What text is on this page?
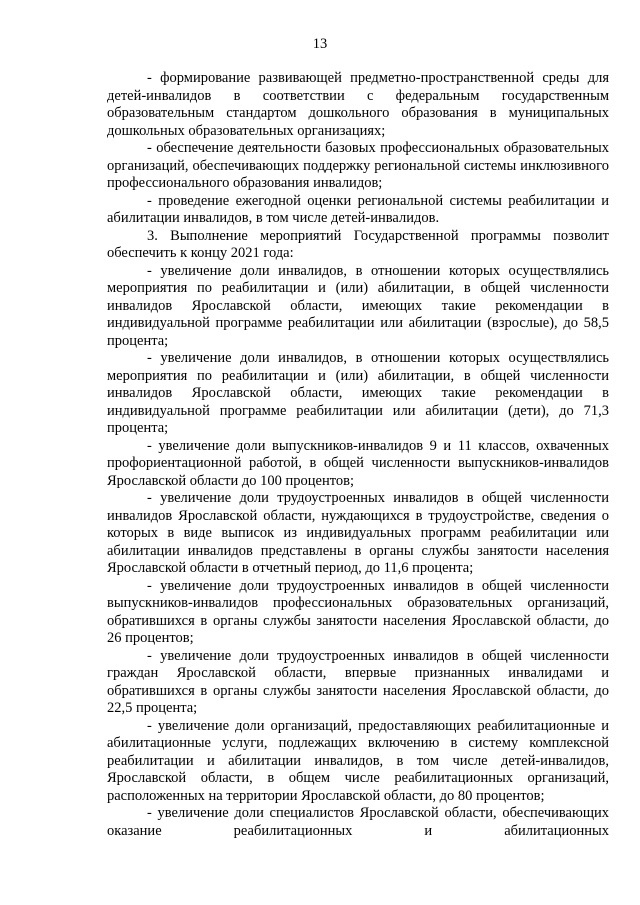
13

- формирование развивающей предметно-пространственной среды для детей-инвалидов в соответствии с федеральным государственным образовательным стандартом дошкольного образования в муниципальных дошкольных образовательных организациях;

- обеспечение деятельности базовых профессиональных образовательных организаций, обеспечивающих поддержку региональной системы инклюзивного профессионального образования инвалидов;

- проведение ежегодной оценки региональной системы реабилитации и абилитации инвалидов, в том числе детей-инвалидов.

3. Выполнение мероприятий Государственной программы позволит обеспечить к концу 2021 года:

- увеличение доли инвалидов, в отношении которых осуществлялись мероприятия по реабилитации и (или) абилитации, в общей численности инвалидов Ярославской области, имеющих такие рекомендации в индивидуальной программе реабилитации или абилитации (взрослые), до 58,5 процента;

- увеличение доли инвалидов, в отношении которых осуществлялись мероприятия по реабилитации и (или) абилитации, в общей численности инвалидов Ярославской области, имеющих такие рекомендации в индивидуальной программе реабилитации или абилитации (дети), до 71,3 процента;

- увеличение доли выпускников-инвалидов 9 и 11 классов, охваченных профориентационной работой, в общей численности выпускников-инвалидов Ярославской области до 100 процентов;

- увеличение доли трудоустроенных инвалидов в общей численности инвалидов Ярославской области, нуждающихся в трудоустройстве, сведения о которых в виде выписок из индивидуальных программ реабилитации или абилитации инвалидов представлены в органы службы занятости населения Ярославской области в отчетный период, до 11,6 процента;

- увеличение доли трудоустроенных инвалидов в общей численности выпускников-инвалидов профессиональных образовательных организаций, обратившихся в органы службы занятости населения Ярославской области, до 26 процентов;

- увеличение доли трудоустроенных инвалидов в общей численности граждан Ярославской области, впервые признанных инвалидами и обратившихся в органы службы занятости населения Ярославской области, до 22,5 процента;

- увеличение доли организаций, предоставляющих реабилитационные и абилитационные услуги, подлежащих включению в систему комплексной реабилитации и абилитации инвалидов, в том числе детей-инвалидов, Ярославской области, в общем числе реабилитационных организаций, расположенных на территории Ярославской области, до 80 процентов;

- увеличение доли специалистов Ярославской области, обеспечивающих оказание реабилитационных и абилитационных
